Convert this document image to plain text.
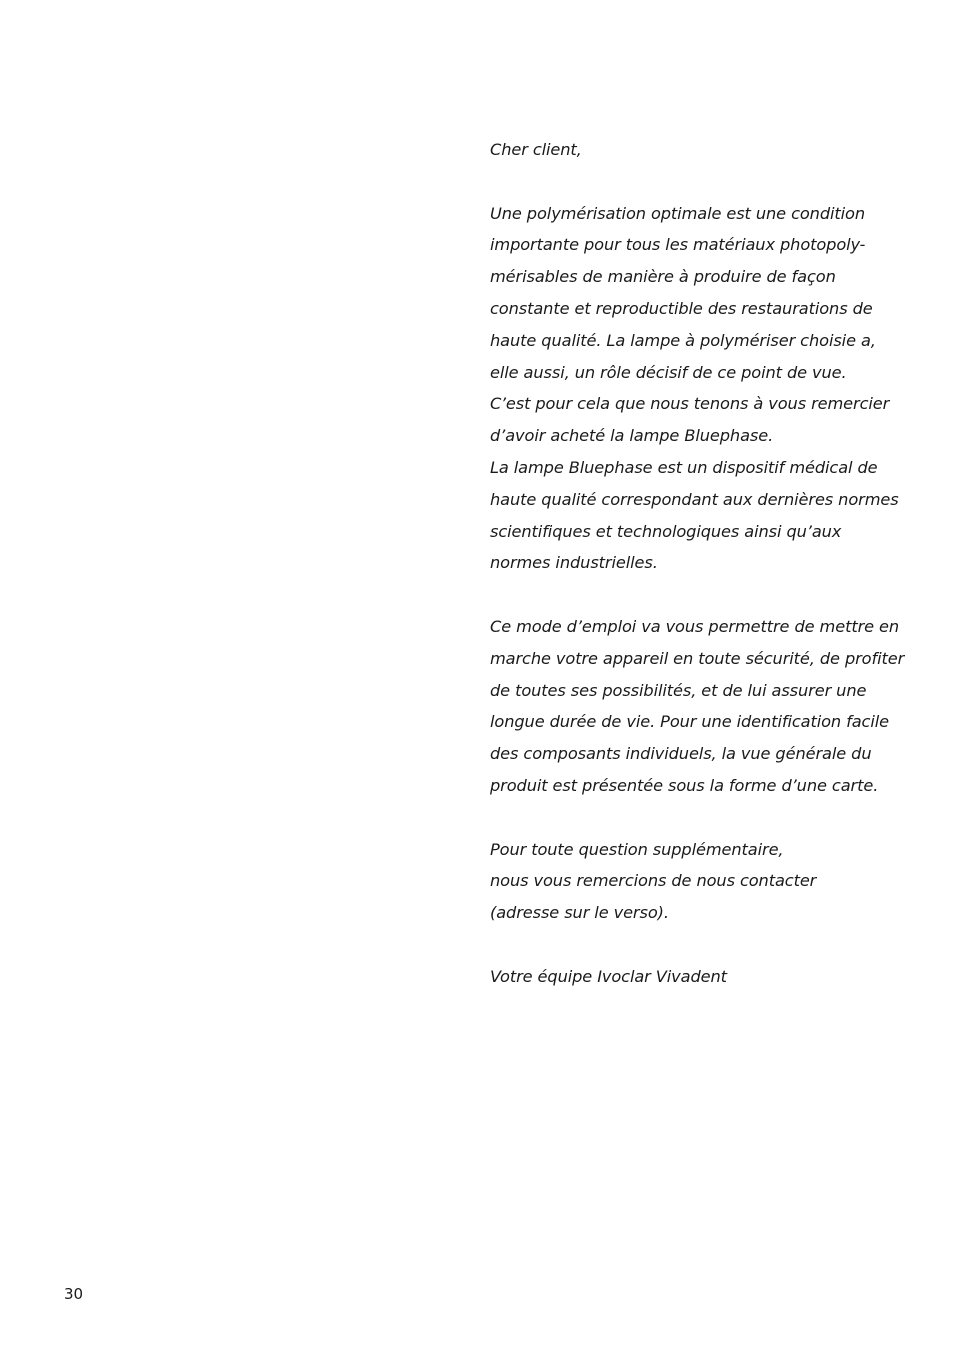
Cher client,
Une polymérisation optimale est une condition
importante pour tous les matériaux photopoly-
mérisables de manière à produire de façon
constante et reproductible des restaurations de
haute qualité. La lampe à polymériser choisie a,
elle aussi, un rôle décisif de ce point de vue.
C’est pour cela que nous tenons à vous remercier
d’avoir acheté la lampe Bluephase.
La lampe Bluephase est un dispositif médical de
haute qualité correspondant aux dernières normes
scientifiques et technologiques ainsi qu’aux
normes industrielles.
Ce mode d’emploi va vous permettre de mettre en
marche votre appareil en toute sécurité, de profiter
de toutes ses possibilités, et de lui assurer une
longue durée de vie. Pour une identification facile
des composants individuels, la vue générale du
produit est présentée sous la forme d’une carte.
Pour toute question supplémentaire,
nous vous remercions de nous contacter
(adresse sur le verso).
Votre équipe Ivoclar Vivadent
30
